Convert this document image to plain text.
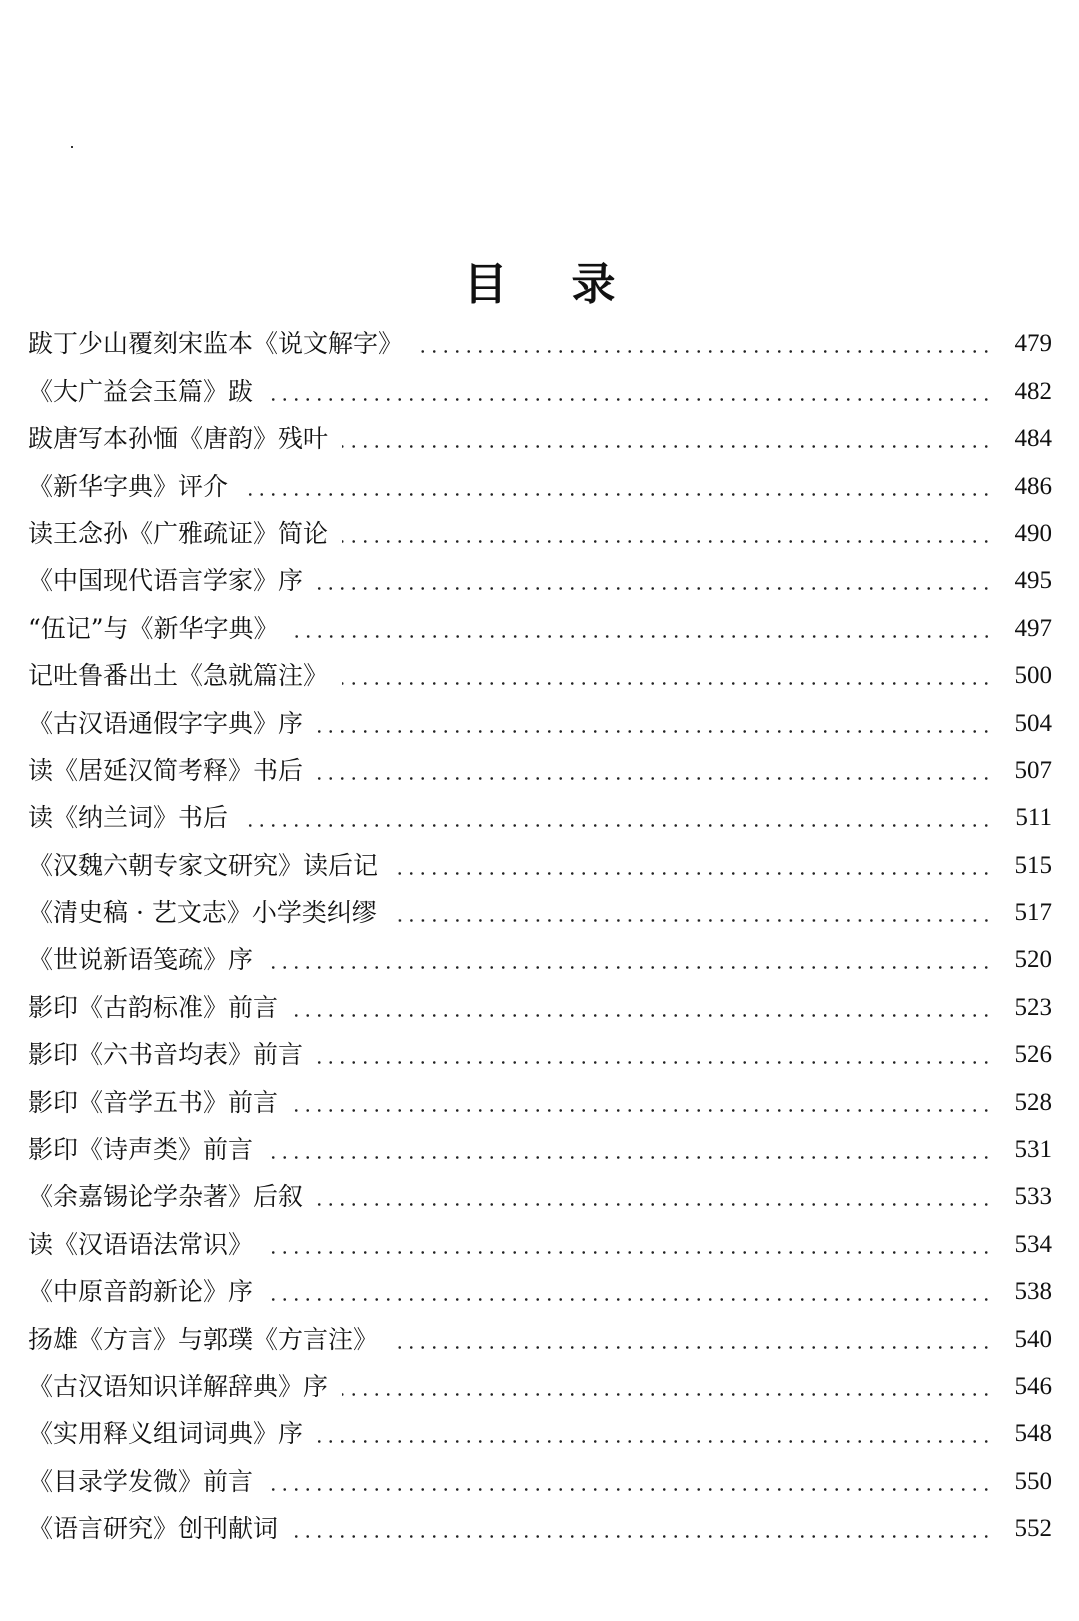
目 录
跋丁少山覆刻宋监本《说文解字》	479
《大广益会玉篇》跋	482
跋唐写本孙愐《唐韵》残叶	484
《新华字典》评介	486
读王念孙《广雅疏证》简论	490
《中国现代语言学家》序	495
“伍记”与《新华字典》	497
记吐鲁番出土《急就篇注》	500
《古汉语通假字字典》序	504
读《居延汉简考释》书后	507
读《纳兰词》书后	511
《汉魏六朝专家文研究》读后记	515
《清史稿 · 艺文志》小学类纠缪	517
《世说新语笺疏》序	520
影印《古韵标准》前言	523
影印《六书音均表》前言	526
影印《音学五书》前言	528
影印《诗声类》前言	531
《余嘉锡论学杂著》后叙	533
读《汉语语法常识》	534
《中原音韵新论》序	538
扬雄《方言》与郭璞《方言注》	540
《古汉语知识详解辞典》序	546
《实用释义组词词典》序	548
《目录学发微》前言	550
《语言研究》创刊献词	552
